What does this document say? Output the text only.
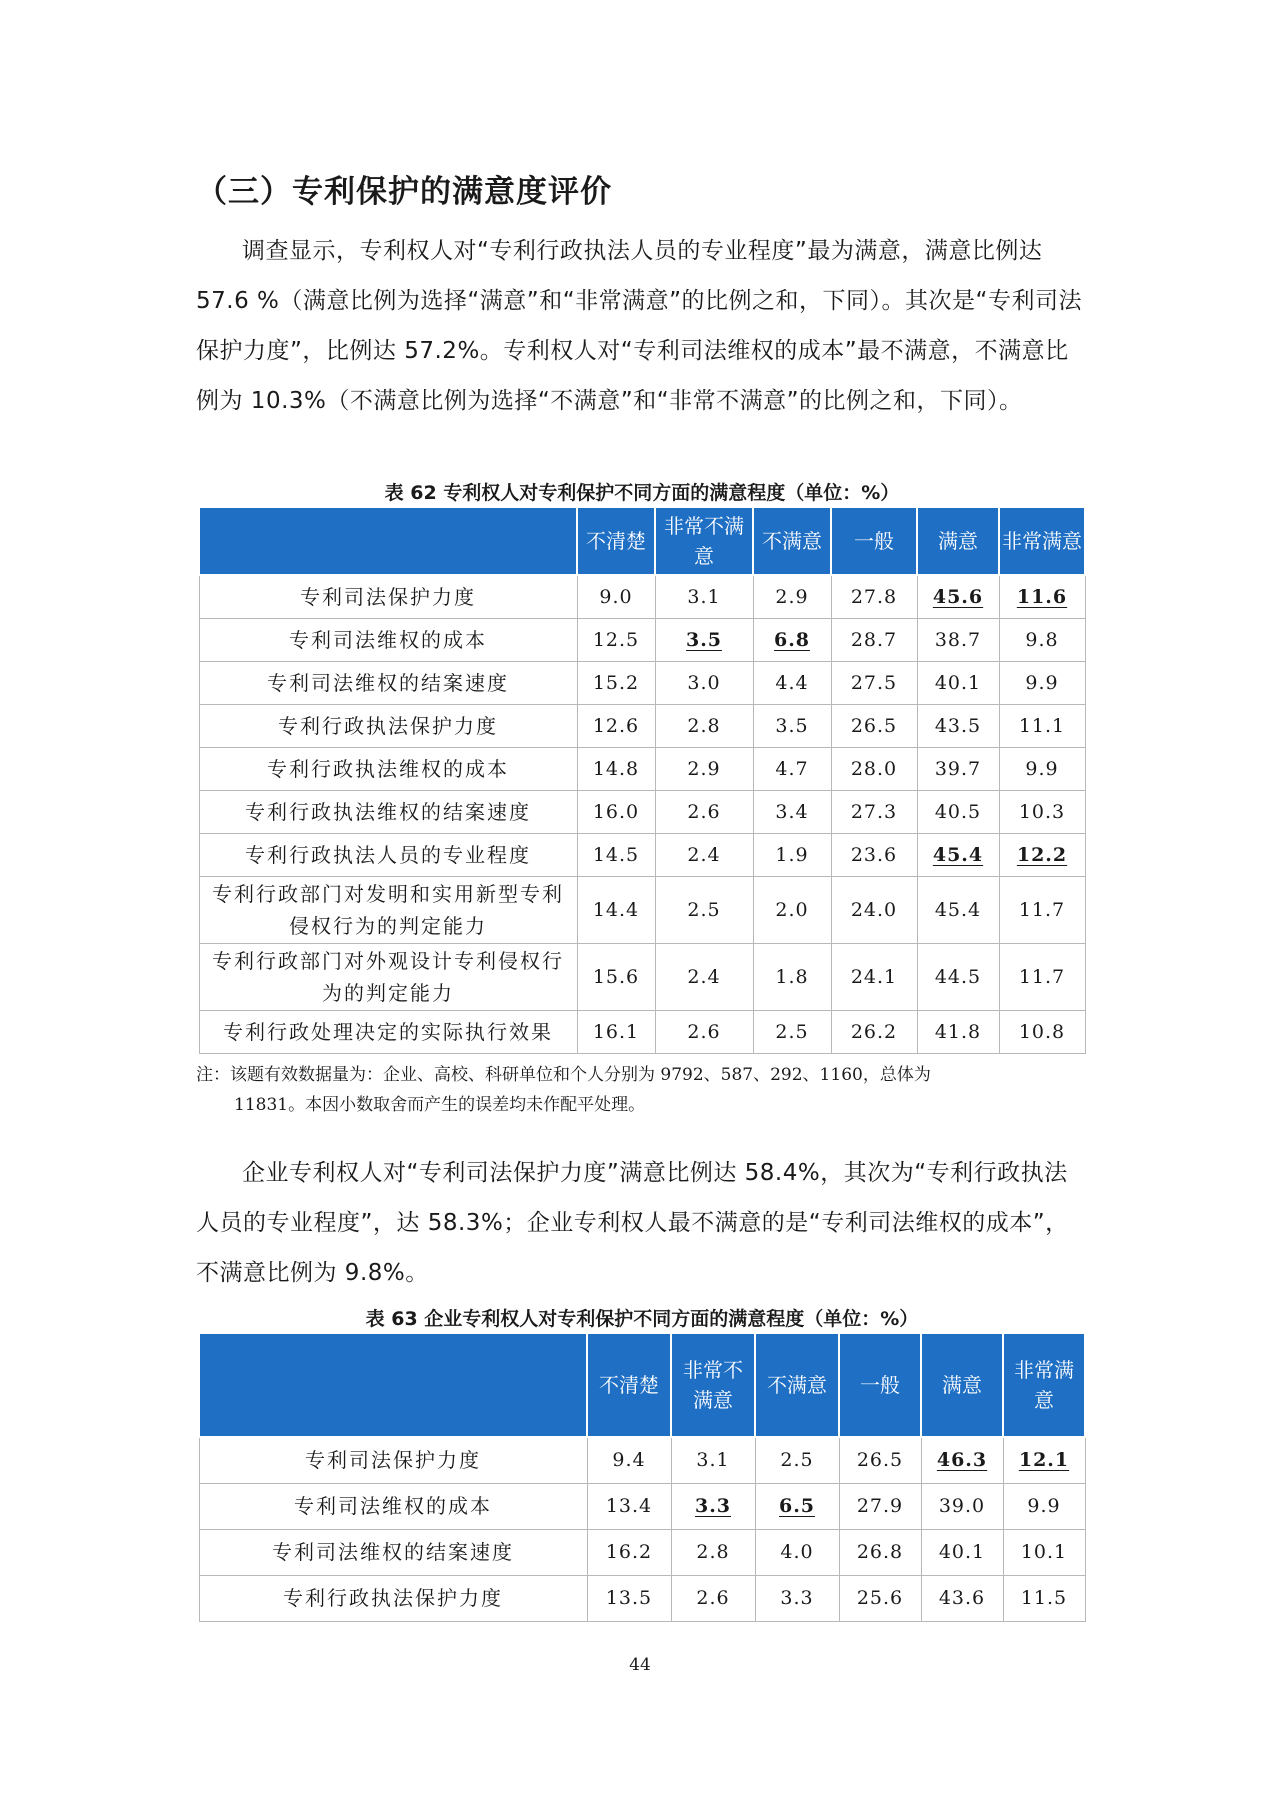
（三）专利保护的满意度评价

调查显示，专利权人对“专利行政执法人员的专业程度”最为满意，满意比例达 57.6 %（满意比例为选择“满意”和“非常满意”的比例之和，下同）。其次是“专利司法保护力度”，比例达 57.2%。专利权人对“专利司法维权的成本”最不满意，不满意比例为 10.3%（不满意比例为选择“不满意”和“非常不满意”的比例之和，下同）。

表 62 专利权人对专利保护不同方面的满意程度（单位：%）

	不清楚	非常不满意	不满意	一般	满意	非常满意
专利司法保护力度	9.0	3.1	2.9	27.8	45.6	11.6
专利司法维权的成本	12.5	3.5	6.8	28.7	38.7	9.8
专利司法维权的结案速度	15.2	3.0	4.4	27.5	40.1	9.9
专利行政执法保护力度	12.6	2.8	3.5	26.5	43.5	11.1
专利行政执法维权的成本	14.8	2.9	4.7	28.0	39.7	9.9
专利行政执法维权的结案速度	16.0	2.6	3.4	27.3	40.5	10.3
专利行政执法人员的专业程度	14.5	2.4	1.9	23.6	45.4	12.2
专利行政部门对发明和实用新型专利侵权行为的判定能力	14.4	2.5	2.0	24.0	45.4	11.7
专利行政部门对外观设计专利侵权行为的判定能力	15.6	2.4	1.8	24.1	44.5	11.7
专利行政处理决定的实际执行效果	16.1	2.6	2.5	26.2	41.8	10.8

注：该题有效数据量为：企业、高校、科研单位和个人分别为 9792、587、292、1160，总体为
11831。本因小数取舍而产生的误差均未作配平处理。

企业专利权人对“专利司法保护力度”满意比例达 58.4%，其次为“专利行政执法人员的专业程度”，达 58.3%；企业专利权人最不满意的是“专利司法维权的成本”，不满意比例为 9.8%。

表 63 企业专利权人对专利保护不同方面的满意程度（单位：%）

	不清楚	非常不满意	不满意	一般	满意	非常满意
专利司法保护力度	9.4	3.1	2.5	26.5	46.3	12.1
专利司法维权的成本	13.4	3.3	6.5	27.9	39.0	9.9
专利司法维权的结案速度	16.2	2.8	4.0	26.8	40.1	10.1
专利行政执法保护力度	13.5	2.6	3.3	25.6	43.6	11.5

44
